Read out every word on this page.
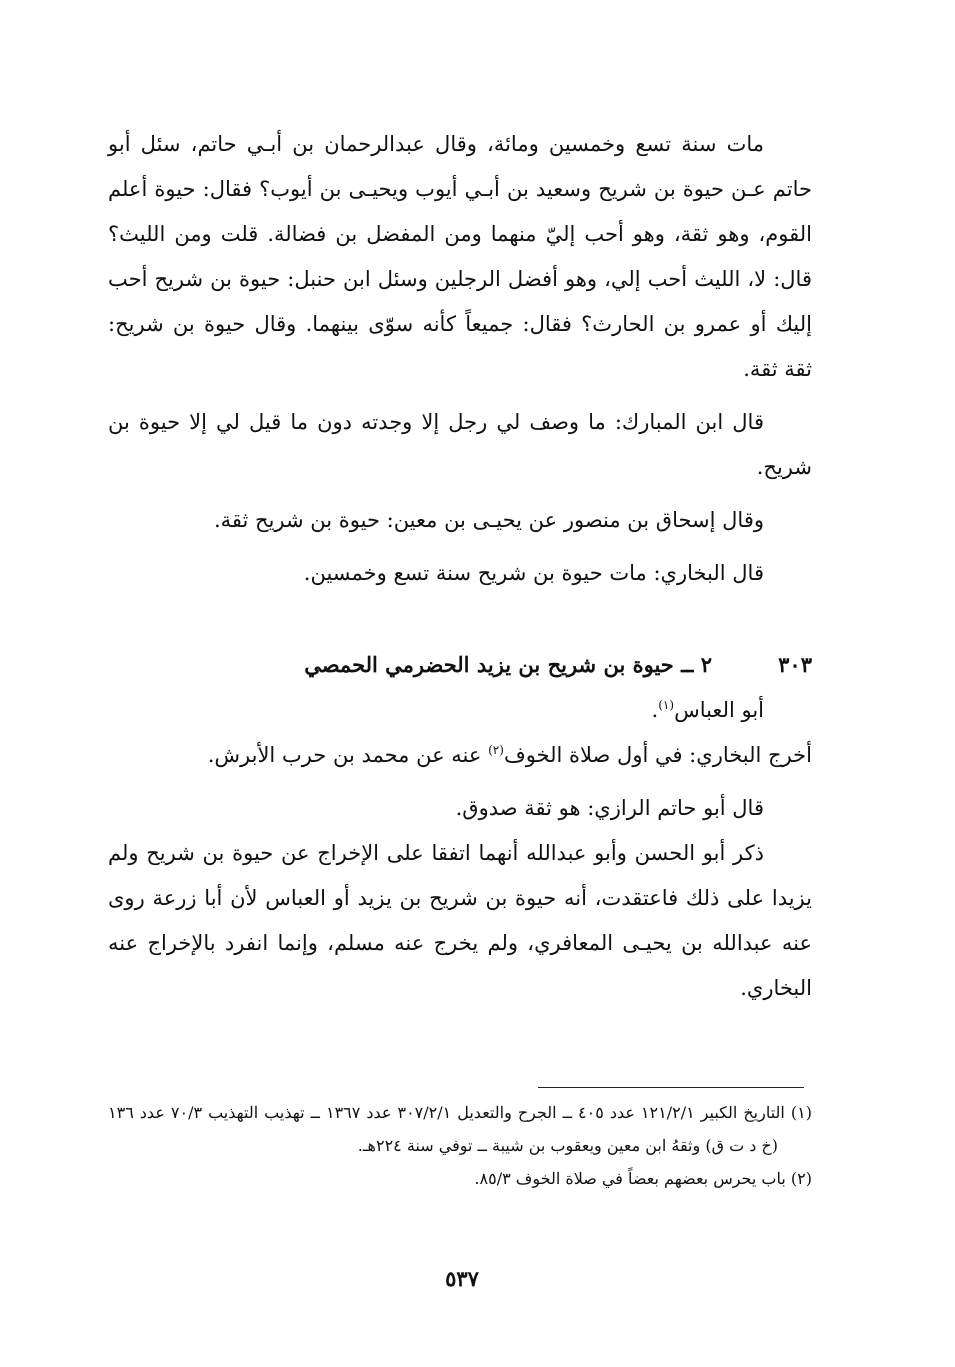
مات سنة تسع وخمسين ومائة، وقال عبدالرحمان بن أبـي حاتم، سئل أبو حاتم عـن حيوة بن شريح وسعيد بن أبـي أيوب ويحيـى بن أيوب؟ فقال: حيوة أعلم القوم، وهو ثقة، وهو أحب إليّ منهما ومن المفضل بن فضالة. قلت ومن الليث؟ قال: لا، الليث أحب إلي، وهو أفضل الرجلين وسئل ابن حنبل: حيوة بن شريح أحب إليك أو عمرو بن الحارث؟ فقال: جميعاً كأنه سوّى بينهما. وقال حيوة بن شريح: ثقة ثقة.

قال ابن المبارك: ما وصف لي رجل إلا وجدته دون ما قيل لي إلا حيوة بن شريح.

وقال إسحاق بن منصور عن يحيـى بن معين: حيوة بن شريح ثقة.

قال البخاري: مات حيوة بن شريح سنة تسع وخمسين.

٣٠٣
٢ ــ حيوة بن شريح بن يزيد الحضرمي الحمصي

أبو العباس$^{(١)}$.

أخرج البخاري: في أول صلاة الخوف$^{(٢)}$ عنه عن محمد بن حرب الأبرش.

قال أبو حاتم الرازي: هو ثقة صدوق.

ذكر أبو الحسن وأبو عبدالله أنهما اتفقا على الإخراج عن حيوة بن شريح ولم يزيدا على ذلك فاعتقدت، أنه حيوة بن شريح بن يزيد أو العباس لأن أبا زرعة روى عنه عبدالله بن يحيـى المعافري، ولم يخرج عنه مسلم، وإنما انفرد بالإخراج عنه البخاري.

(١) التاريخ الكبير ١٢١/٢/١ عدد ٤٠٥ ــ الجرح والتعديل ٣٠٧/٢/١ عدد ١٣٦٧ ــ تهذيب التهذيب ٧٠/٣ عدد ١٣٦ (خ د ت ق) وثقهُ ابن معين ويعقوب بن شيبة ــ توفي سنة ٢٢٤هـ.

(٢) باب يحرس بعضهم بعضاً في صلاة الخوف ٨٥/٣.

٥٣٧
